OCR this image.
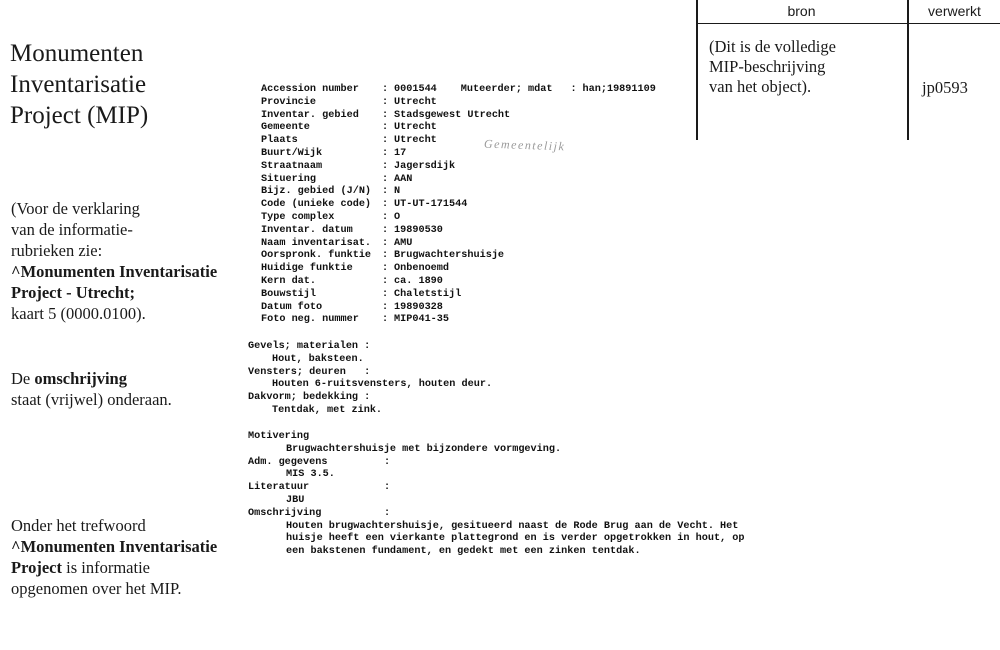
Monumenten
Inventarisatie
Project (MIP)
(Voor de verklaring
van de informatie-
rubrieken zie:
^Monumenten Inventarisatie
Project - Utrecht;
kaart 5 (0000.0100).
De omschrijving
staat (vrijwel) onderaan.
Onder het trefwoord
^Monumenten Inventarisatie
Project is informatie
opgenomen over het MIP.
bron	verwerkt
(Dit is de volledige
MIP-beschrijving
van het object).	jp0593
Accession number : 0001544 Muteerder; mdat : han;19891109
Provincie	: Utrecht
Inventar. gebied : Stadsgewest Utrecht
Gemeente	: Utrecht
Plaats	: Utrecht
Buurt/Wijk	: 17
Straatnaam	: Jagersdijk
Situering	: AAN
Bijz. gebied (J/N) : N
Code (unieke code) : UT-UT-171544
Type complex	: O
Inventar. datum	: 19890530
Naam inventarisat. : AMU
Oorspronk. funktie : Brugwachtershuisje
Huidige funktie	: Onbenoemd
Kern dat.	: ca. 1890
Bouwstijl	: Chaletstijl
Datum foto	: 19890328
Foto neg. nummer : MIP041-35
Gemeentelijk
Gevels; materialen :
Hout, baksteen.
Vensters; deuren   :
Houten 6-ruitsvensters, houten deur.
Dakvorm; bedekking :
Tentdak, met zink.
Motivering
Brugwachtershuisje met bijzondere vormgeving.
Adm. gegevens	:
MIS 3.5.
Literatuur	:
JBU
Omschrijving	:
Houten brugwachtershuisje, gesitueerd naast de Rode Brug aan de Vecht. Het
huisje heeft een vierkante plattegrond en is verder opgetrokken in hout, op
een bakstenen fundament, en gedekt met een zinken tentdak.
